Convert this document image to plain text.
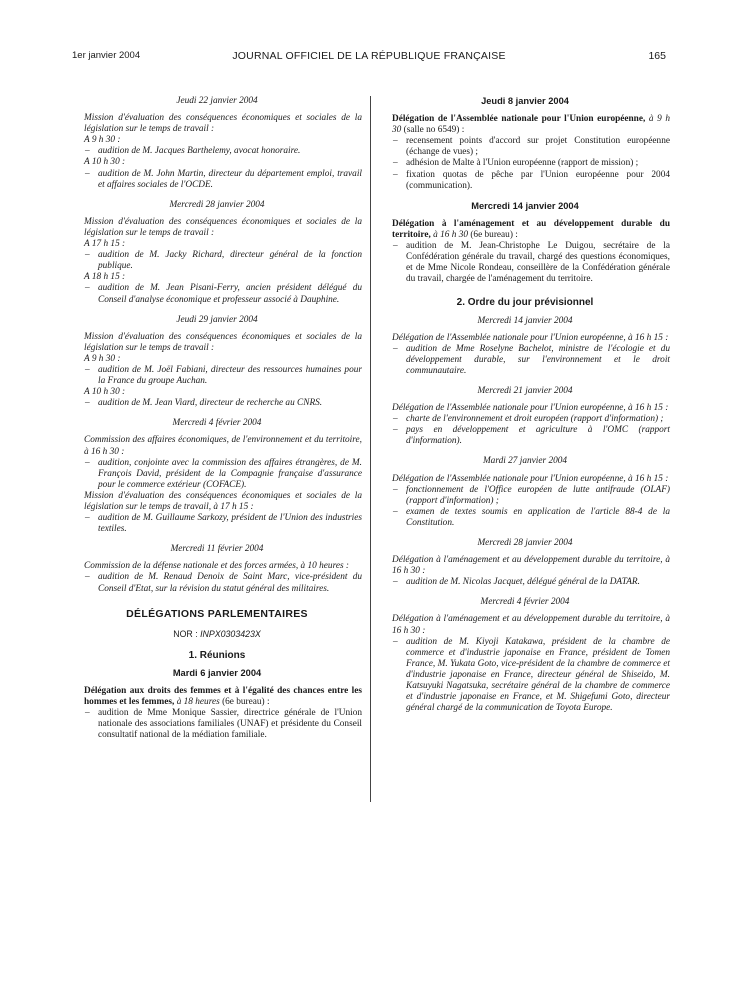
1er janvier 2004	JOURNAL OFFICIEL DE LA RÉPUBLIQUE FRANÇAISE	165
Jeudi 22 janvier 2004

Mission d'évaluation des conséquences économiques et sociales de la législation sur le temps de travail :

A 9 h 30 :

– audition de M. Jacques Barthelemy, avocat honoraire.

A 10 h 30 :

– audition de M. John Martin, directeur du département emploi, travail et affaires sociales de l'OCDE.

Mercredi 28 janvier 2004

Mission d'évaluation des conséquences économiques et sociales de la législation sur le temps de travail :

A 17 h 15 :

– audition de M. Jacky Richard, directeur général de la fonction publique.

A 18 h 15 :

– audition de M. Jean Pisani-Ferry, ancien président délégué du Conseil d'analyse économique et professeur associé à Dauphine.

Jeudi 29 janvier 2004

Mission d'évaluation des conséquences économiques et sociales de la législation sur le temps de travail :

A 9 h 30 :

– audition de M. Joël Fabiani, directeur des ressources humaines pour la France du groupe Auchan.

A 10 h 30 :

– audition de M. Jean Viard, directeur de recherche au CNRS.

Mercredi 4 février 2004

Commission des affaires économiques, de l'environnement et du territoire, à 16 h 30 :

– audition, conjointe avec la commission des affaires étrangères, de M. François David, président de la Compagnie française d'assurance pour le commerce extérieur (COFACE).

Mission d'évaluation des conséquences économiques et sociales de la législation sur le temps de travail, à 17 h 15 :

– audition de M. Guillaume Sarkozy, président de l'Union des industries textiles.

Mercredi 11 février 2004

Commission de la défense nationale et des forces armées, à 10 heures :

– audition de M. Renaud Denoix de Saint Marc, vice-président du Conseil d'Etat, sur la révision du statut général des militaires.

DÉLÉGATIONS PARLEMENTAIRES
NOR : INPX0303423X
1. Réunions
Mardi 6 janvier 2004

Délégation aux droits des femmes et à l'égalité des chances entre les hommes et les femmes, à 18 heures (6e bureau) :

– audition de Mme Monique Sassier, directrice générale de l'Union nationale des associations familiales (UNAF) et présidente du Conseil consultatif national de la médiation familiale.

Jeudi 8 janvier 2004

Délégation de l'Assemblée nationale pour l'Union européenne, à 9 h 30 (salle no 6549) :

– recensement points d'accord sur projet Constitution européenne (échange de vues) ;

– adhésion de Malte à l'Union européenne (rapport de mission) ;

– fixation quotas de pêche par l'Union européenne pour 2004 (communication).

Mercredi 14 janvier 2004

Délégation à l'aménagement et au développement durable du territoire, à 16 h 30 (6e bureau) :

– audition de M. Jean-Christophe Le Duigou, secrétaire de la Confédération générale du travail, chargé des questions économiques, et de Mme Nicole Rondeau, conseillère de la Confédération générale du travail, chargée de l'aménagement du territoire.

2. Ordre du jour prévisionnel
Mercredi 14 janvier 2004

Délégation de l'Assemblée nationale pour l'Union européenne, à 16 h 15 :

– audition de Mme Roselyne Bachelot, ministre de l'écologie et du développement durable, sur l'environnement et le droit communautaire.

Mercredi 21 janvier 2004

Délégation de l'Assemblée nationale pour l'Union européenne, à 16 h 15 :

– charte de l'environnement et droit européen (rapport d'information) ;

– pays en développement et agriculture à l'OMC (rapport d'information).

Mardi 27 janvier 2004

Délégation de l'Assemblée nationale pour l'Union européenne, à 16 h 15 :

– fonctionnement de l'Office européen de lutte antifraude (OLAF) (rapport d'information) ;

– examen de textes soumis en application de l'article 88-4 de la Constitution.

Mercredi 28 janvier 2004

Délégation à l'aménagement et au développement durable du territoire, à 16 h 30 :

– audition de M. Nicolas Jacquet, délégué général de la DATAR.

Mercredi 4 février 2004

Délégation à l'aménagement et au développement durable du territoire, à 16 h 30 :

– audition de M. Kiyoji Katakawa, président de la chambre de commerce et d'industrie japonaise en France, président de Tomen France, M. Yukata Goto, vice-président de la chambre de commerce et d'industrie japonaise en France, directeur général de Shiseido, M. Katsuyuki Nagatsuka, secrétaire général de la chambre de commerce et d'industrie japonaise en France, et M. Shigefumi Goto, directeur général chargé de la communication de Toyota Europe.
